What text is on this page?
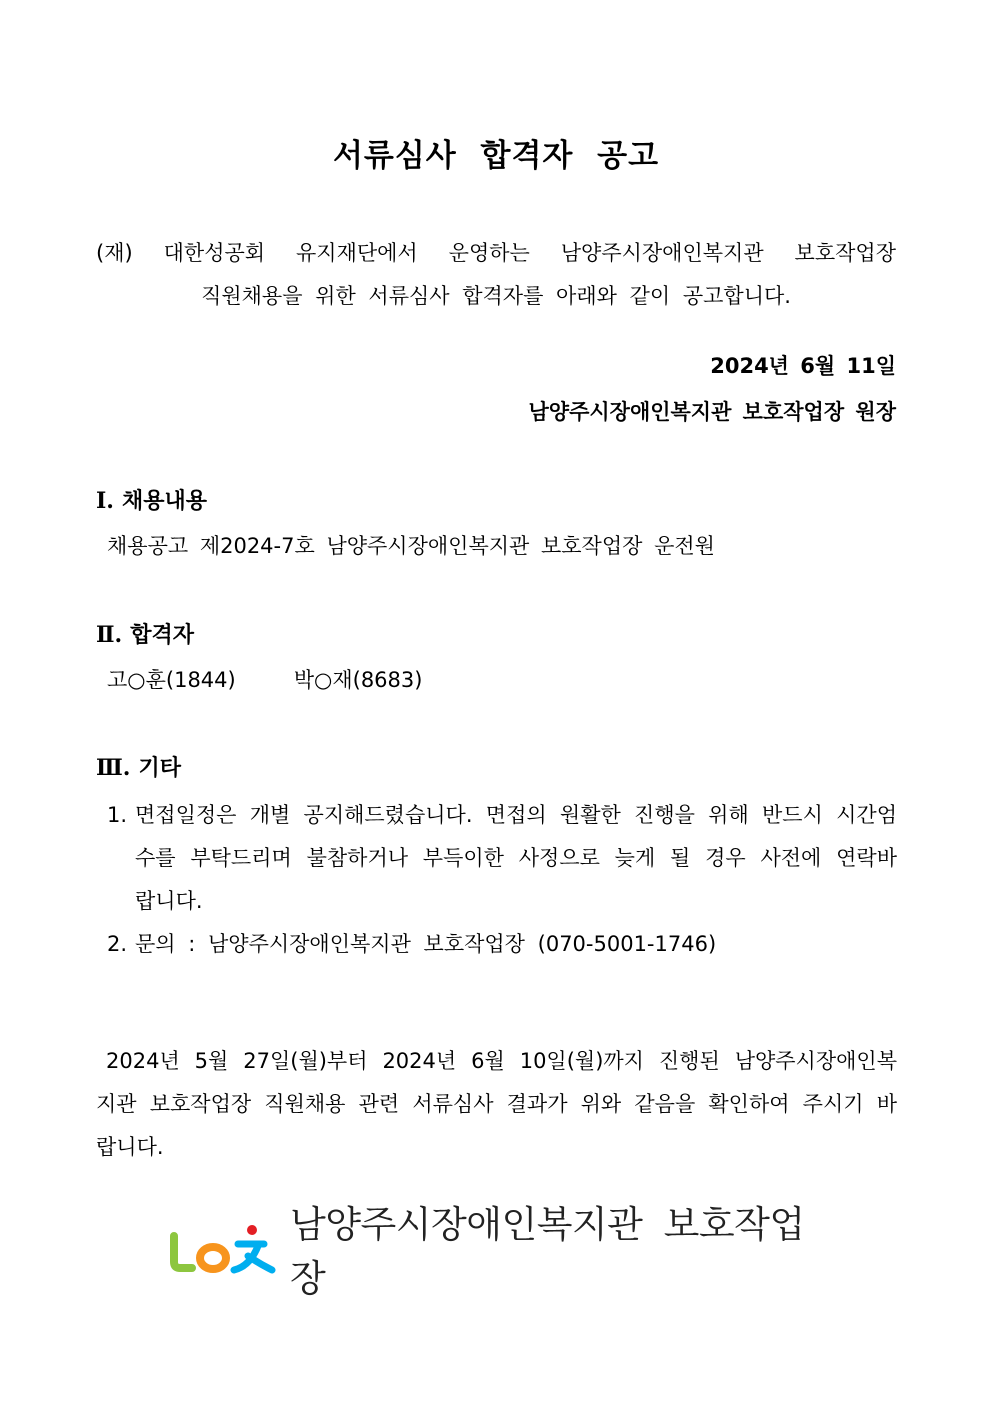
서류심사 합격자 공고
(재) 대한성공회 유지재단에서 운영하는 남양주시장애인복지관 보호작업장
직원채용을 위한 서류심사 합격자를 아래와 같이 공고합니다.
2024년 6월 11일
남양주시장애인복지관 보호작업장 원장
Ⅰ. 채용내용
채용공고 제2024-7호 남양주시장애인복지관 보호작업장 운전원
Ⅱ. 합격자
고○훈(1844)	박○재(8683)
Ⅲ. 기타
1. 면접일정은 개별 공지해드렸습니다. 면접의 원활한 진행을 위해 반드시 시간엄수를 부탁드리며 불참하거나 부득이한 사정으로 늦게 될 경우 사전에 연락바랍니다.
2. 문의 : 남양주시장애인복지관 보호작업장 (070-5001-1746)
2024년 5월 27일(월)부터 2024년 6월 10일(월)까지 진행된 남양주시장애인복지관 보호작업장 직원채용 관련 서류심사 결과가 위와 같음을 확인하여 주시기 바랍니다.
남양주시장애인복지관 보호작업장
